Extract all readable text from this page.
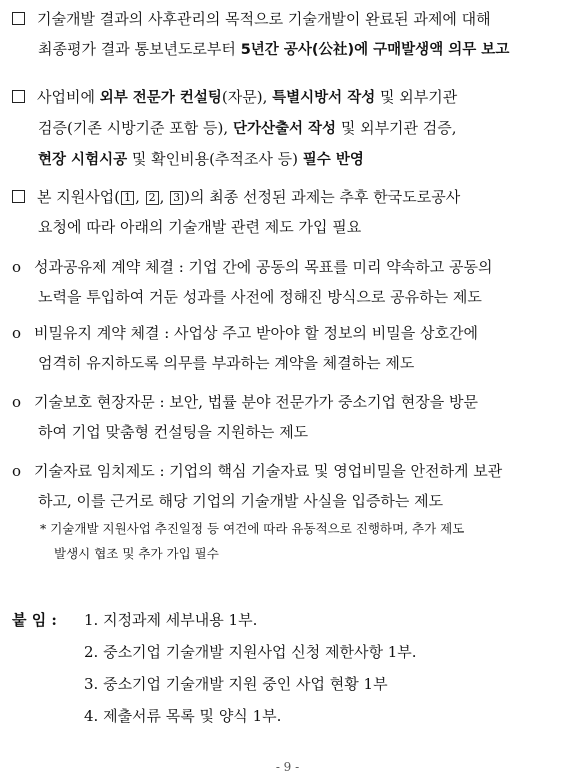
기술개발 결과의 사후관리의 목적으로 기술개발이 완료된 과제에 대해
최종평가 결과 통보년도로부터 5년간 공사(公社)에 구매발생액 의무 보고
사업비에 외부 전문가 컨설팅(자문), 특별시방서 작성 및 외부기관
검증(기존 시방기준 포함 등), 단가산출서 작성 및 외부기관 검증,
현장 시험시공 및 확인비용(추적조사 등) 필수 반영
본 지원사업( 1 , 2 , 3 )의 최종 선정된 과제는 추후 한국도로공사
요청에 따라 아래의 기술개발 관련 제도 가입 필요
o 성과공유제 계약 체결 : 기업 간에 공동의 목표를 미리 약속하고 공동의
노력을 투입하여 거둔 성과를 사전에 정해진 방식으로 공유하는 제도
o 비밀유지 계약 체결 : 사업상 주고 받아야 할 정보의 비밀을 상호간에
엄격히 유지하도록 의무를 부과하는 계약을 체결하는 제도
o 기술보호 현장자문 : 보안, 법률 분야 전문가가 중소기업 현장을 방문
하여 기업 맞춤형 컨설팅을 지원하는 제도
o 기술자료 임치제도 : 기업의 핵심 기술자료 및 영업비밀을 안전하게 보관
하고, 이를 근거로 해당 기업의 기술개발 사실을 입증하는 제도
* 기술개발 지원사업 추진일정 등 여건에 따라 유동적으로 진행하며, 추가 제도
발생시 협조 및 추가 가입 필수
붙 임 : 1. 지정과제 세부내용 1부.
2. 중소기업 기술개발 지원사업 신청 제한사항 1부.
3. 중소기업 기술개발 지원 중인 사업 현황 1부
4. 제출서류 목록 및 양식 1부.
- 9 -
